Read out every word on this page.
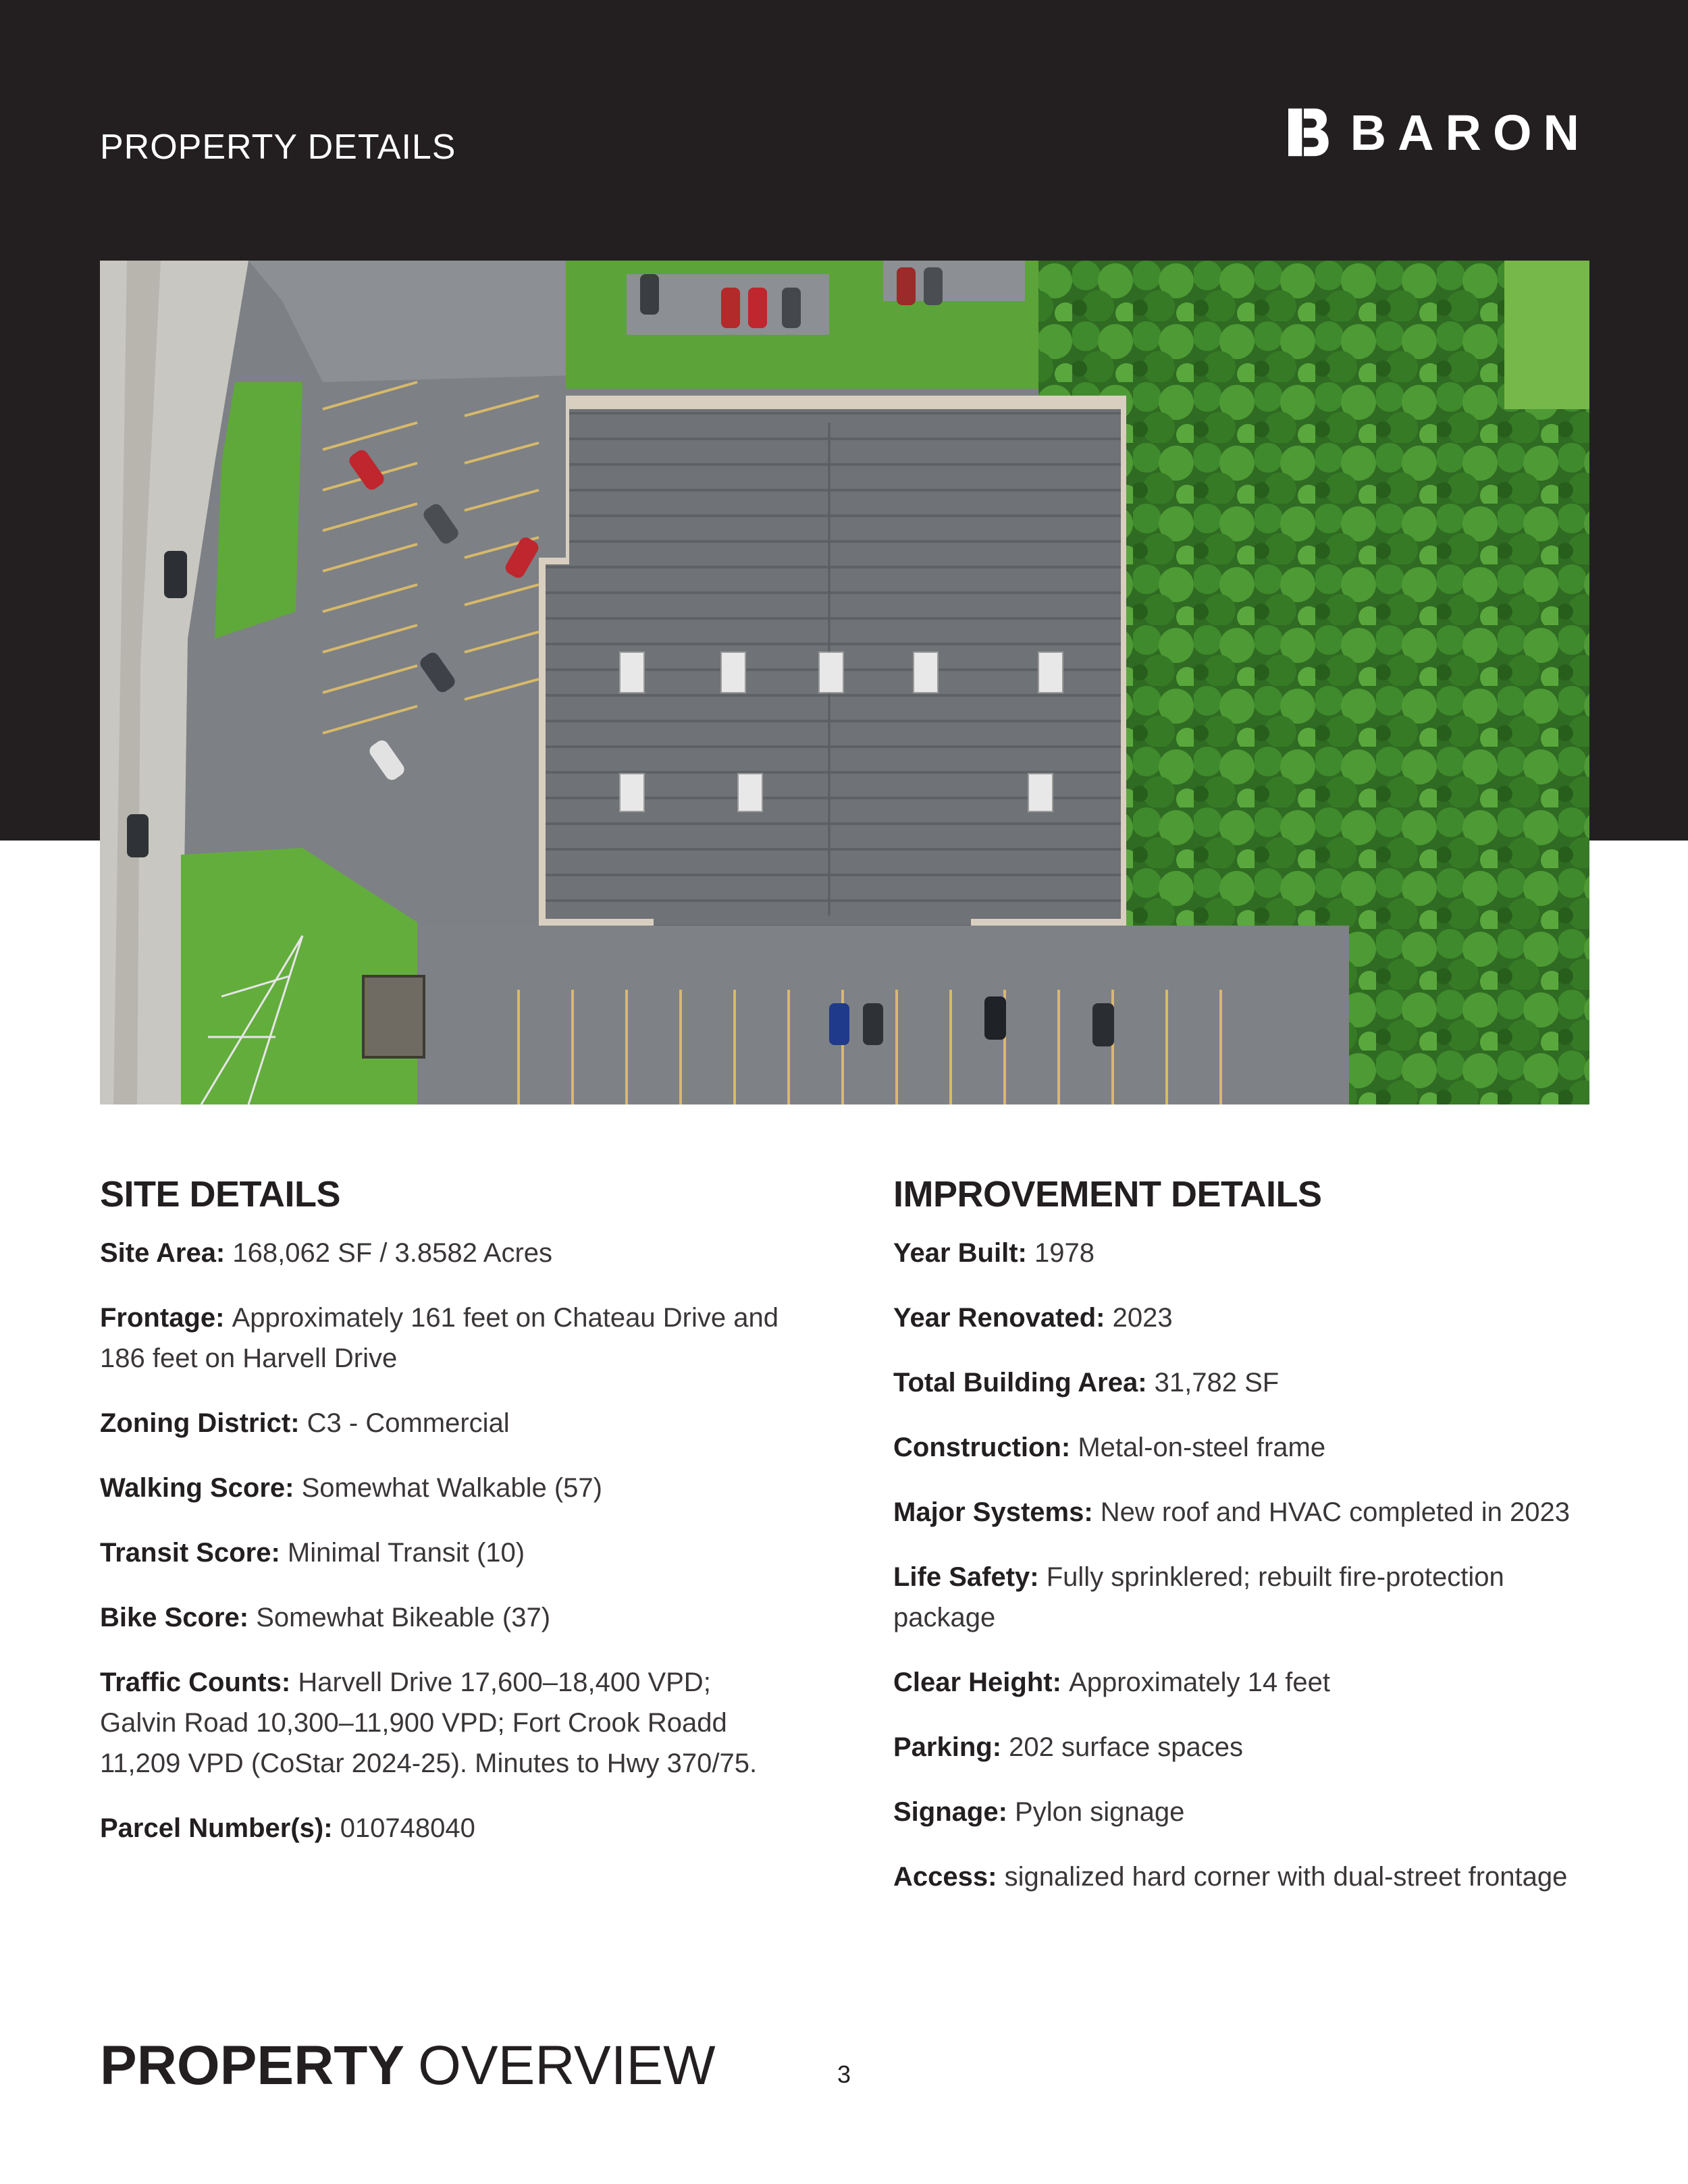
PROPERTY DETAILS	BARON
SITE DETAILS
Site Area: 168,062 SF / 3.8582 Acres
Frontage: Approximately 161 feet on Chateau Drive and 186 feet on Harvell Drive
Zoning District: C3 - Commercial
Walking Score: Somewhat Walkable (57)
Transit Score: Minimal Transit (10)
Bike Score: Somewhat Bikeable (37)
Traffic Counts: Harvell Drive 17,600–18,400 VPD; Galvin Road 10,300–11,900 VPD; Fort Crook Roadd 11,209 VPD (CoStar 2024-25). Minutes to Hwy 370/75.
Parcel Number(s): 010748040
IMPROVEMENT DETAILS
Year Built: 1978
Year Renovated: 2023
Total Building Area: 31,782 SF
Construction: Metal-on-steel frame
Major Systems: New roof and HVAC completed in 2023
Life Safety: Fully sprinklered; rebuilt fire-protection package
Clear Height: Approximately 14 feet
Parking: 202 surface spaces
Signage: Pylon signage
Access: signalized hard corner with dual-street frontage
PROPERTY OVERVIEW	3
